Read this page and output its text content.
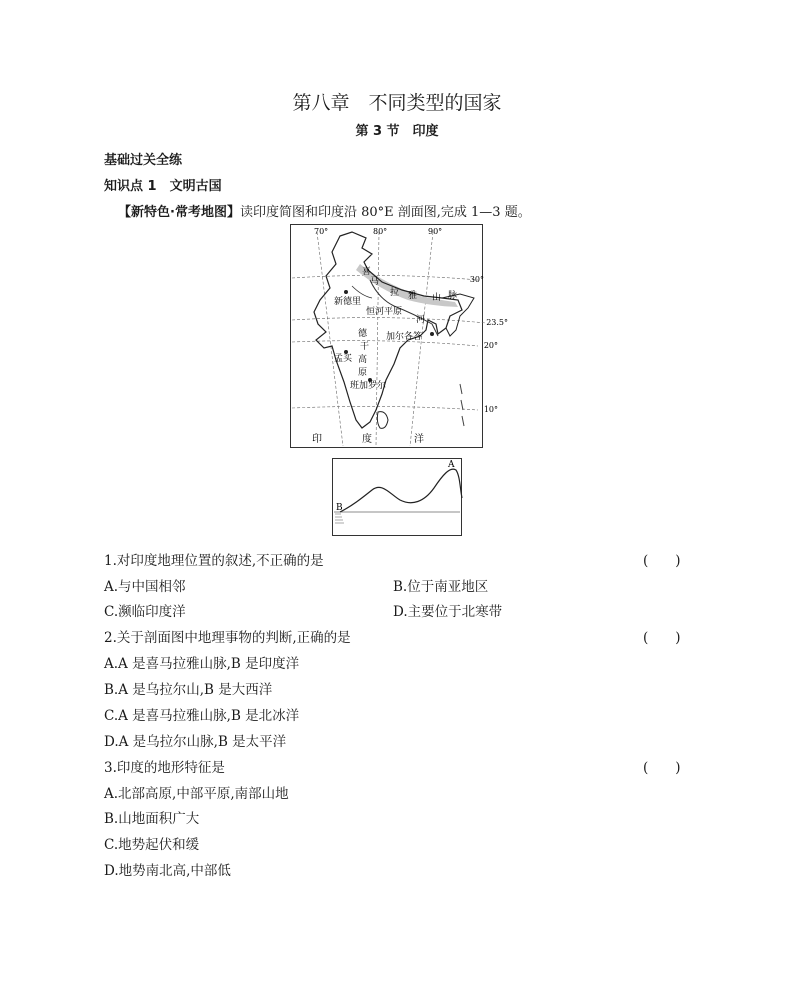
第八章　不同类型的国家
第 3 节　印度
基础过关全练
知识点 1　文明古国
【新特色·常考地图】读印度简图和印度沿 80°E 剖面图,完成 1—3 题。
70°	80°	90°
30°
23.5°
20°
10°
喜
马
拉 雅 山 脉
新德里
恒河平原
河
加尔各答
德
干
高
原
孟买
班加罗尔
印	度	洋
A
B
1.对印度地理位置的叙述,不正确的是	(　　)
A.与中国相邻	B.位于南亚地区
C.濒临印度洋	D.主要位于北寒带
2.关于剖面图中地理事物的判断,正确的是	(　　)
A.A 是喜马拉雅山脉,B 是印度洋
B.A 是乌拉尔山,B 是大西洋
C.A 是喜马拉雅山脉,B 是北冰洋
D.A 是乌拉尔山脉,B 是太平洋
3.印度的地形特征是	(　　)
A.北部高原,中部平原,南部山地
B.山地面积广大
C.地势起伏和缓
D.地势南北高,中部低
